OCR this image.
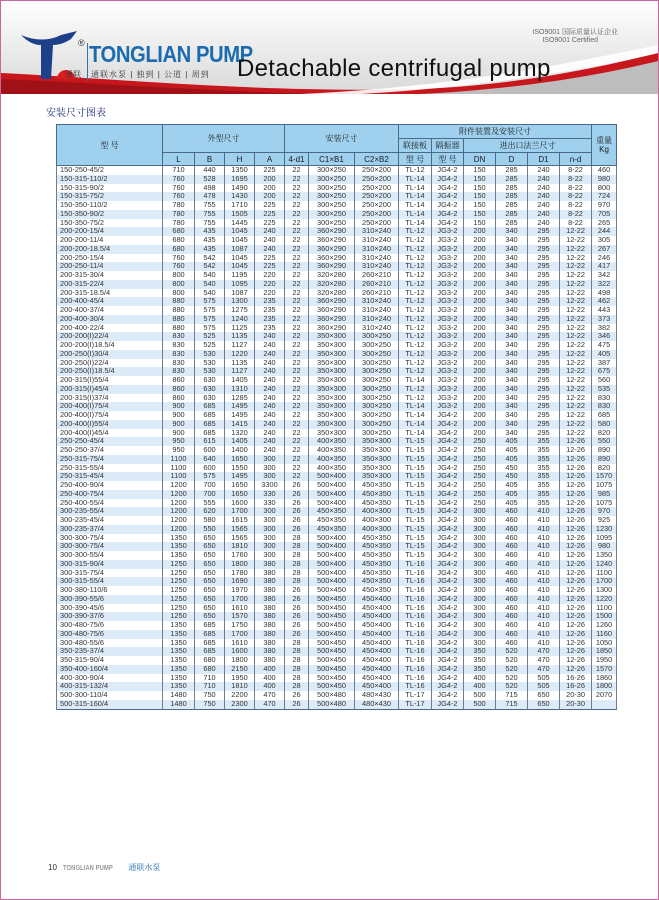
®
通联
TONGLIAN PUMP
通联水泵 | 独到 | 公道 | 周到
ISO9001 国际质量认证企业
ISO9001 Certified
Detachable centrifugal pump
安装尺寸图表
型 号	外型尺寸				安装尺寸			附件装置及安装尺寸						重量Kg
								联接板	隔振器	进出口法兰尺寸				
	L	B	H	A	4-d1	C1×B1	C2×B2	型 号	型 号	DN	D	D1	n-d	
150-250-45/2	710	440	1350	225	22	300×250	250×200	TL-12	JG4-2	150	285	240	8-22	460
150-315-110/2	760	528	1695	200	22	300×250	250×200	TL-14	JG4-2	150	285	240	8-22	980
150-315-90/2	760	498	1490	200	22	300×250	250×200	TL-14	JG4-2	150	285	240	8-22	800
150-315-75/2	760	478	1430	200	22	300×250	250×200	TL-14	JG4-2	150	285	240	8-22	724
150-350-110/2	780	755	1710	225	22	300×250	250×200	TL-14	JG4-2	150	285	240	8-22	970
150-350-90/2	780	755	1505	225	22	300×250	250×200	TL-14	JG4-2	150	285	240	8-22	705
150-350-75/2	780	755	1445	225	22	300×250	250×200	TL-14	JG4-2	150	285	240	8-22	265
200-200-15/4	680	435	1045	240	22	360×290	310×240	TL-12	JG3-2	200	340	295	12-22	244
200-200-11/4	680	435	1045	240	22	360×290	310×240	TL-12	JG3-2	200	340	295	12-22	305
200-200-18.5/4	680	435	1087	240	22	360×290	310×240	TL-12	JG3-2	200	340	295	12-22	267
200-250-15/4	760	542	1045	225	22	360×290	310×240	TL-12	JG3-2	200	340	295	12-22	246
200-250-11/4	760	542	1045	225	22	360×290	310×240	TL-12	JG3-2	200	340	295	12-22	417
200-315-30/4	800	540	1195	220	22	320×280	260×210	TL-12	JG3-2	200	340	295	12-22	342
200-315-22/4	800	540	1095	220	22	320×280	260×210	TL-12	JG3-2	200	340	295	12-22	322
200-315-18.5/4	800	540	1087	220	22	320×280	260×210	TL-12	JG3-2	200	340	295	12-22	498
200-400-45/4	880	575	1300	235	22	360×290	310×240	TL-12	JG3-2	200	340	295	12-22	462
200-400-37/4	880	575	1275	235	22	360×290	310×240	TL-12	JG3-2	200	340	295	12-22	443
200-400-30/4	880	575	1240	235	22	360×290	310×240	TL-12	JG3-2	200	340	295	12-22	373
200-400-22/4	880	575	1125	235	22	360×290	310×240	TL-12	JG3-2	200	340	295	12-22	382
200-200(I)22/4	830	525	1135	240	22	350×300	300×250	TL-12	JG3-2	200	340	295	12-22	346
200-200(I)18.5/4	830	525	1127	240	22	350×300	300×250	TL-12	JG3-2	200	340	295	12-22	475
200-250(I)30/4	830	530	1220	240	22	350×300	300×250	TL-12	JG3-2	200	340	295	12-22	405
200-250(I)22/4	830	530	1135	240	22	350×300	300×250	TL-12	JG3-2	200	340	295	12-22	387
200-250(I)18.5/4	830	530	1127	240	22	350×300	300×250	TL-12	JG3-2	200	340	295	12-22	675
200-315(I)55/4	860	630	1405	240	22	350×300	300×250	TL-14	JG3-2	200	340	295	12-22	560
200-315(I)45/4	860	630	1310	240	22	350×300	300×250	TL-12	JG3-2	200	340	295	12-22	535
200-315(I)37/4	860	630	1285	240	22	350×300	300×250	TL-12	JG3-2	200	340	295	12-22	830
200-400(I)75/4	900	685	1495	240	22	350×300	300×250	TL-14	JG3-2	200	340	295	12-22	830
200-400(I)75/4	900	685	1495	240	22	350×300	300×250	TL-14	JG4-2	200	340	295	12-22	685
200-400(I)55/4	900	685	1415	240	22	350×300	300×250	TL-14	JG4-2	200	340	295	12-22	580
200-400(I)45/4	900	685	1320	240	22	350×300	300×250	TL-14	JG4-2	200	340	295	12-22	820
250-250-45/4	950	615	1405	240	22	400×350	350×300	TL-15	JG4-2	250	405	355	12-26	550
250-250-37/4	950	600	1400	240	22	400×350	350×300	TL-15	JG4-2	250	405	355	12-26	890
250-315-75/4	1100	640	1650	300	22	400×350	350×300	TL-15	JG4-2	250	405	355	12-26	890
250-315-55/4	1100	600	1550	300	22	400×350	350×300	TL-15	JG4-2	250	450	355	12-26	820
250-315-45/4	1100	575	1495	300	22	500×400	350×300	TL-15	JG4-2	250	450	355	12-26	1570
250-400-90/4	1200	700	1650	3300	26	500×400	450×350	TL-15	JG4-2	250	405	355	12-26	1075
250-400-75/4	1200	700	1650	330	26	500×400	450×350	TL-15	JG4-2	250	405	355	12-26	985
250-400-55/4	1200	555	1600	330	26	500×400	450×350	TL-15	JG4-2	250	405	355	12-26	1075
300-235-55/4	1200	620	1700	300	26	450×350	400×300	TL-15	JG4-2	300	460	410	12-26	970
300-235-45/4	1200	580	1615	300	26	450×350	400×300	TL-15	JG4-2	300	460	410	12-26	925
300-235-37/4	1200	550	1565	300	26	450×350	400×300	TL-15	JG4-2	300	460	410	12-26	1230
300-300-75/4	1350	650	1565	300	28	500×400	450×350	TL-15	JG4-2	300	460	410	12-26	1095
300-300-75/4	1350	650	1810	300	28	500×400	450×350	TL-15	JG4-2	300	460	410	12-26	980
300-300-55/4	1350	650	1760	300	28	500×400	450×350	TL-15	JG4-2	300	460	410	12-26	1350
300-315-90/4	1250	650	1800	380	28	500×400	450×350	TL-16	JG4-2	300	460	410	12-26	1240
300-315-75/4	1250	650	1780	380	28	500×400	450×350	TL-16	JG4-2	300	460	410	12-26	1100
300-315-55/4	1250	650	1690	380	28	500×400	450×350	TL-16	JG4-2	300	460	410	12-26	1700
300-380-110/6	1250	650	1970	380	26	500×450	450×350	TL-16	JG4-2	300	460	410	12-26	1300
300-390-55/6	1250	650	1700	380	26	500×450	450×400	TL-16	JG4-2	300	460	410	12-26	1220
300-390-45/6	1250	650	1610	380	26	500×450	450×400	TL-16	JG4-2	300	460	410	12-26	1100
300-390-37/6	1250	650	1570	380	26	500×450	450×400	TL-16	JG4-2	300	460	410	12-26	1500
300-480-75/6	1350	685	1750	380	26	500×450	450×400	TL-16	JG4-2	300	460	410	12-26	1260
300-480-75/6	1350	685	1700	380	26	500×450	450×400	TL-16	JG4-2	300	460	410	12-26	1160
300-480-55/6	1350	685	1610	380	28	500×450	450×400	TL-16	JG4-2	300	460	410	12-26	1050
350-235-37/4	1350	685	1600	380	28	500×450	450×400	TL-16	JG4-2	350	520	470	12-26	1850
350-315-90/4	1350	680	1800	380	28	500×450	450×400	TL-16	JG4-2	350	520	470	12-26	1950
350-400-160/4	1350	680	2150	400	28	500×450	450×400	TL-16	JG4-2	350	520	470	12-26	1570
400-300-90/4	1350	710	1950	400	28	500×450	450×400	TL-16	JG4-2	400	520	505	16-26	1860
400-315-132/4	1350	710	1810	400	28	500×450	450×400	TL-16	JG4-2	400	520	505	16-26	1800
500-300-110/4	1480	750	2200	470	26	500×480	480×430	TL-17	JG4-2	500	715	650	20-30	2070
500-315-160/4	1480	750	2300	470	26	500×480	480×430	TL-17	JG4-2	500	715	650	20-30	
10 TONGLIAN PUMP 通联水泵
